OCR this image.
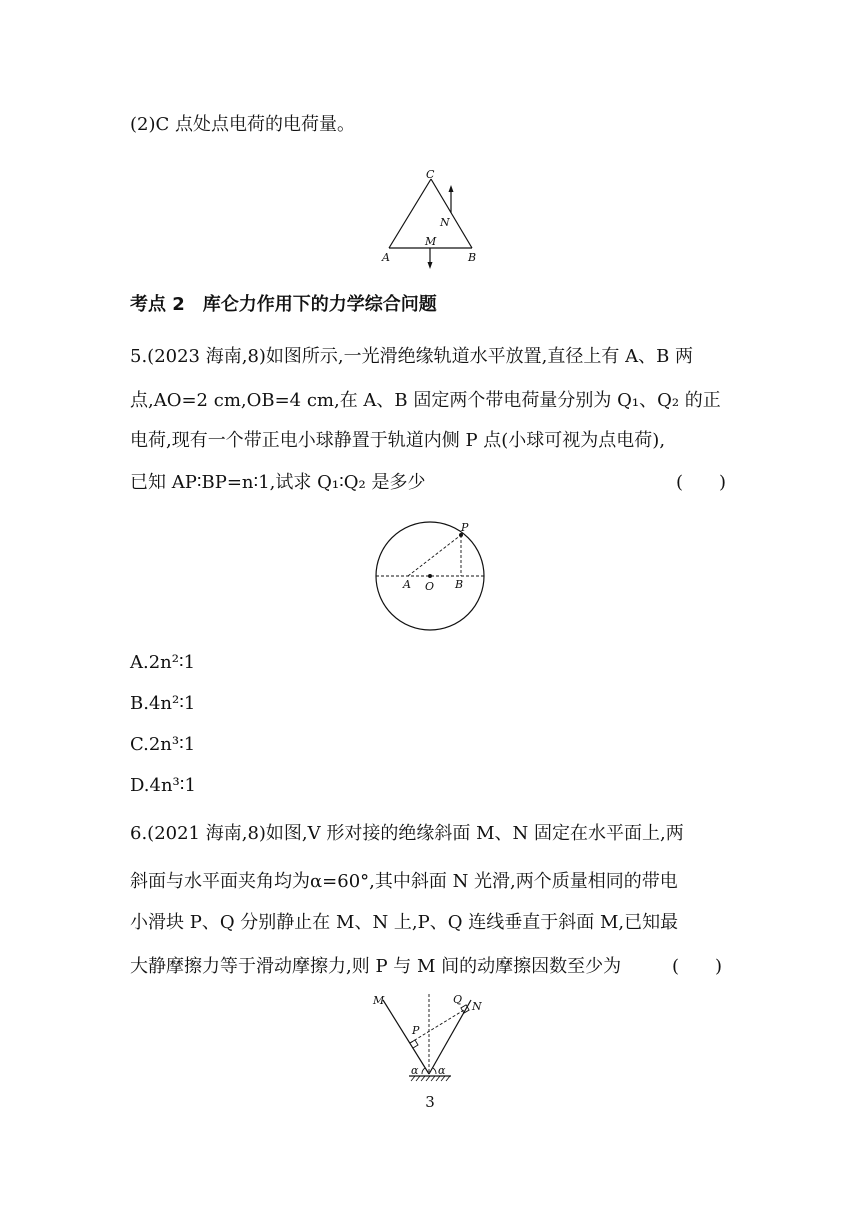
(2)C 点处点电荷的电荷量。
C
N
M
A	B
考点 2　库仑力作用下的力学综合问题
5.(2023 海南,8)如图所示,一光滑绝缘轨道水平放置,直径上有 A、B 两
点,AO=2 cm,OB=4 cm,在 A、B 固定两个带电荷量分别为 Q₁、Q₂ 的正
电荷,现有一个带正电小球静置于轨道内侧 P 点(小球可视为点电荷),
已知 AP∶BP=n∶1,试求 Q₁∶Q₂ 是多少	(　　)
P
A O B
A.2n²∶1
B.4n²∶1
C.2n³∶1
D.4n³∶1
6.(2021 海南,8)如图,V 形对接的绝缘斜面 M、N 固定在水平面上,两
斜面与水平面夹角均为α=60°,其中斜面 N 光滑,两个质量相同的带电
小滑块 P、Q 分别静止在 M、N 上,P、Q 连线垂直于斜面 M,已知最
大静摩擦力等于滑动摩擦力,则 P 与 M 间的动摩擦因数至少为	(　　)
M	Q
N
P
α α
3
